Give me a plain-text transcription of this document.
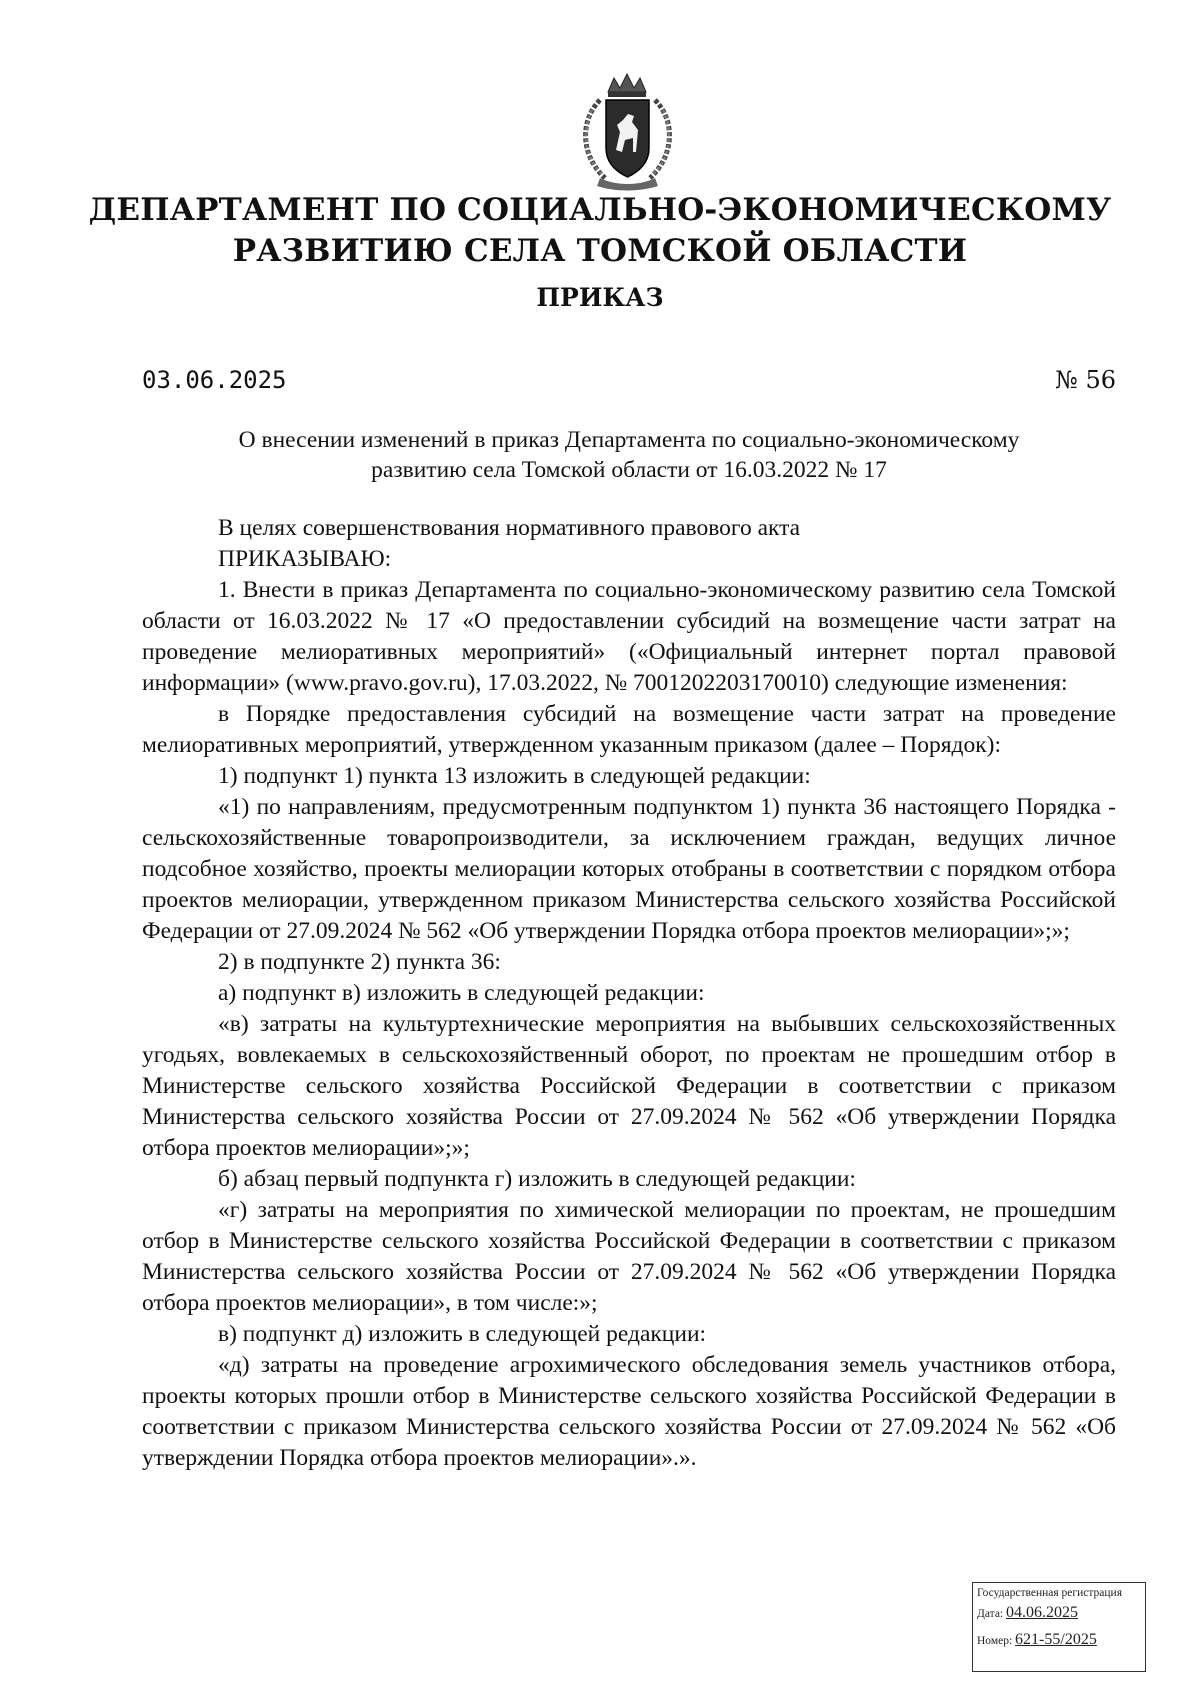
ДЕПАРТАМЕНТ ПО СОЦИАЛЬНО-ЭКОНОМИЧЕСКОМУ
РАЗВИТИЮ СЕЛА ТОМСКОЙ ОБЛАСТИ
ПРИКАЗ
03.06.2025	№ 56
О внесении изменений в приказ Департамента по социально-экономическому
развитию села Томской области от 16.03.2022 № 17

В целях совершенствования нормативного правового акта

ПРИКАЗЫВАЮ:

1. Внести в приказ Департамента по социально-экономическому развитию села Томской области от 16.03.2022 № 17 «О предоставлении субсидий на возмещение части затрат на проведение мелиоративных мероприятий» («Официальный интернет портал правовой информации» (www.pravo.gov.ru), 17.03.2022, № 7001202203170010) следующие изменения:

в Порядке предоставления субсидий на возмещение части затрат на проведение мелиоративных мероприятий, утвержденном указанным приказом (далее – Порядок):

1) подпункт 1) пункта 13 изложить в следующей редакции:

«1) по направлениям, предусмотренным подпунктом 1) пункта 36 настоящего Порядка - сельскохозяйственные товаропроизводители, за исключением граждан, ведущих личное подсобное хозяйство, проекты мелиорации которых отобраны в соответствии с порядком отбора проектов мелиорации, утвержденном приказом Министерства сельского хозяйства Российской Федерации от 27.09.2024 № 562 «Об утверждении Порядка отбора проектов мелиорации»;»;

2) в подпункте 2) пункта 36:

а) подпункт в) изложить в следующей редакции:

«в) затраты на культуртехнические мероприятия на выбывших сельскохозяйственных угодьях, вовлекаемых в сельскохозяйственный оборот, по проектам не прошедшим отбор в Министерстве сельского хозяйства Российской Федерации в соответствии с приказом Министерства сельского хозяйства России от 27.09.2024 № 562 «Об утверждении Порядка отбора проектов мелиорации»;»;

б) абзац первый подпункта г) изложить в следующей редакции:

«г) затраты на мероприятия по химической мелиорации по проектам, не прошедшим отбор в Министерстве сельского хозяйства Российской Федерации в соответствии с приказом Министерства сельского хозяйства России от 27.09.2024 № 562 «Об утверждении Порядка отбора проектов мелиорации», в том числе:»;

в) подпункт д) изложить в следующей редакции:

«д) затраты на проведение агрохимического обследования земель участников отбора, проекты которых прошли отбор в Министерстве сельского хозяйства Российской Федерации в соответствии с приказом Министерства сельского хозяйства России от 27.09.2024 № 562 «Об утверждении Порядка отбора проектов мелиорации».».

Государственная регистрация
Дата: 04.06.2025
Номер: 621-55/2025
